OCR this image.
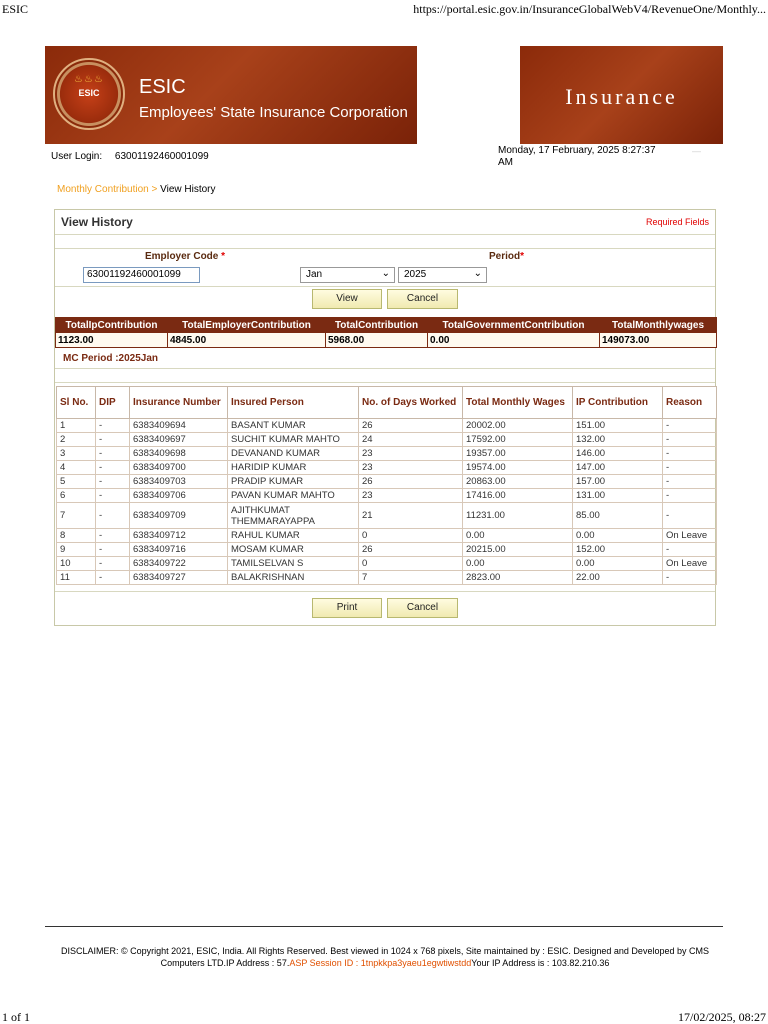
ESIC	https://portal.esic.gov.in/InsuranceGlobalWebV4/RevenueOne/Monthly...
♨♨♨
ESIC	ESIC
Employees' State Insurance Corporation
Insurance
User Login: 63001192460001099
Monday, 17 February, 2025 8:27:37 AM
—
Monthly Contribution > View History
View History	Required Fields
Employer Code *	Period*
63001192460001099	Jan	⌄	2025	⌄
View	Cancel
TotalIpContribution	TotalEmployerContribution	TotalContribution	TotalGovernmentContribution	TotalMonthlywages
1123.00	4845.00	5968.00	0.00	149073.00
MC Period :2025Jan
Sl No.	DIP	Insurance Number	Insured Person	No. of Days Worked	Total Monthly Wages	IP Contribution	Reason
1	-	6383409694	BASANT KUMAR	26	20002.00	151.00	-
2	-	6383409697	SUCHIT KUMAR MAHTO	24	17592.00	132.00	-
3	-	6383409698	DEVANAND KUMAR	23	19357.00	146.00	-
4	-	6383409700	HARIDIP KUMAR	23	19574.00	147.00	-
5	-	6383409703	PRADIP KUMAR	26	20863.00	157.00	-
6	-	6383409706	PAVAN KUMAR MAHTO	23	17416.00	131.00	-
7	-	6383409709	AJITHKUMAT THEMMARAYAPPA	21	11231.00	85.00	-
8	-	6383409712	RAHUL KUMAR	0	0.00	0.00	On Leave
9	-	6383409716	MOSAM KUMAR	26	20215.00	152.00	-
10	-	6383409722	TAMILSELVAN S	0	0.00	0.00	On Leave
11	-	6383409727	BALAKRISHNAN	7	2823.00	22.00	-
Print	Cancel
DISCLAIMER: © Copyright 2021, ESIC, India. All Rights Reserved. Best viewed in 1024 x 768 pixels, Site maintained by : ESIC. Designed and Developed by CMS
Computers LTD.IP Address : 57.ASP Session ID : 1tnpkkpa3yaeu1egwtiwstddYour IP Address is : 103.82.210.36
1 of 1	17/02/2025, 08:27
